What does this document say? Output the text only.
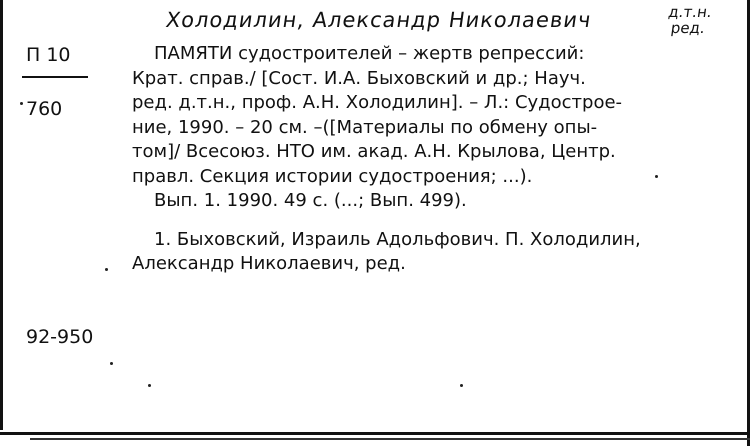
Холодилин, Александр Николаевич	д.т.н.
ред.
П 10
760
92-950
ПАМЯТИ судостроителей – жертв репрессий:
Крат. справ./ [Сост. И.А. Быховский и др.; Науч.
ред. д.т.н., проф. А.Н. Холодилин]. – Л.: Судострое-
ние, 1990. – 20 см. –([Материалы по обмену опы-
том]/ Всесоюз. НТО им. акад. А.Н. Крылова, Центр.
правл. Секция истории судостроения; ...).
Вып. 1. 1990. 49 с. (...; Вып. 499).
1. Быховский, Израиль Адольфович. П. Холодилин,
Александр Николаевич, ред.
